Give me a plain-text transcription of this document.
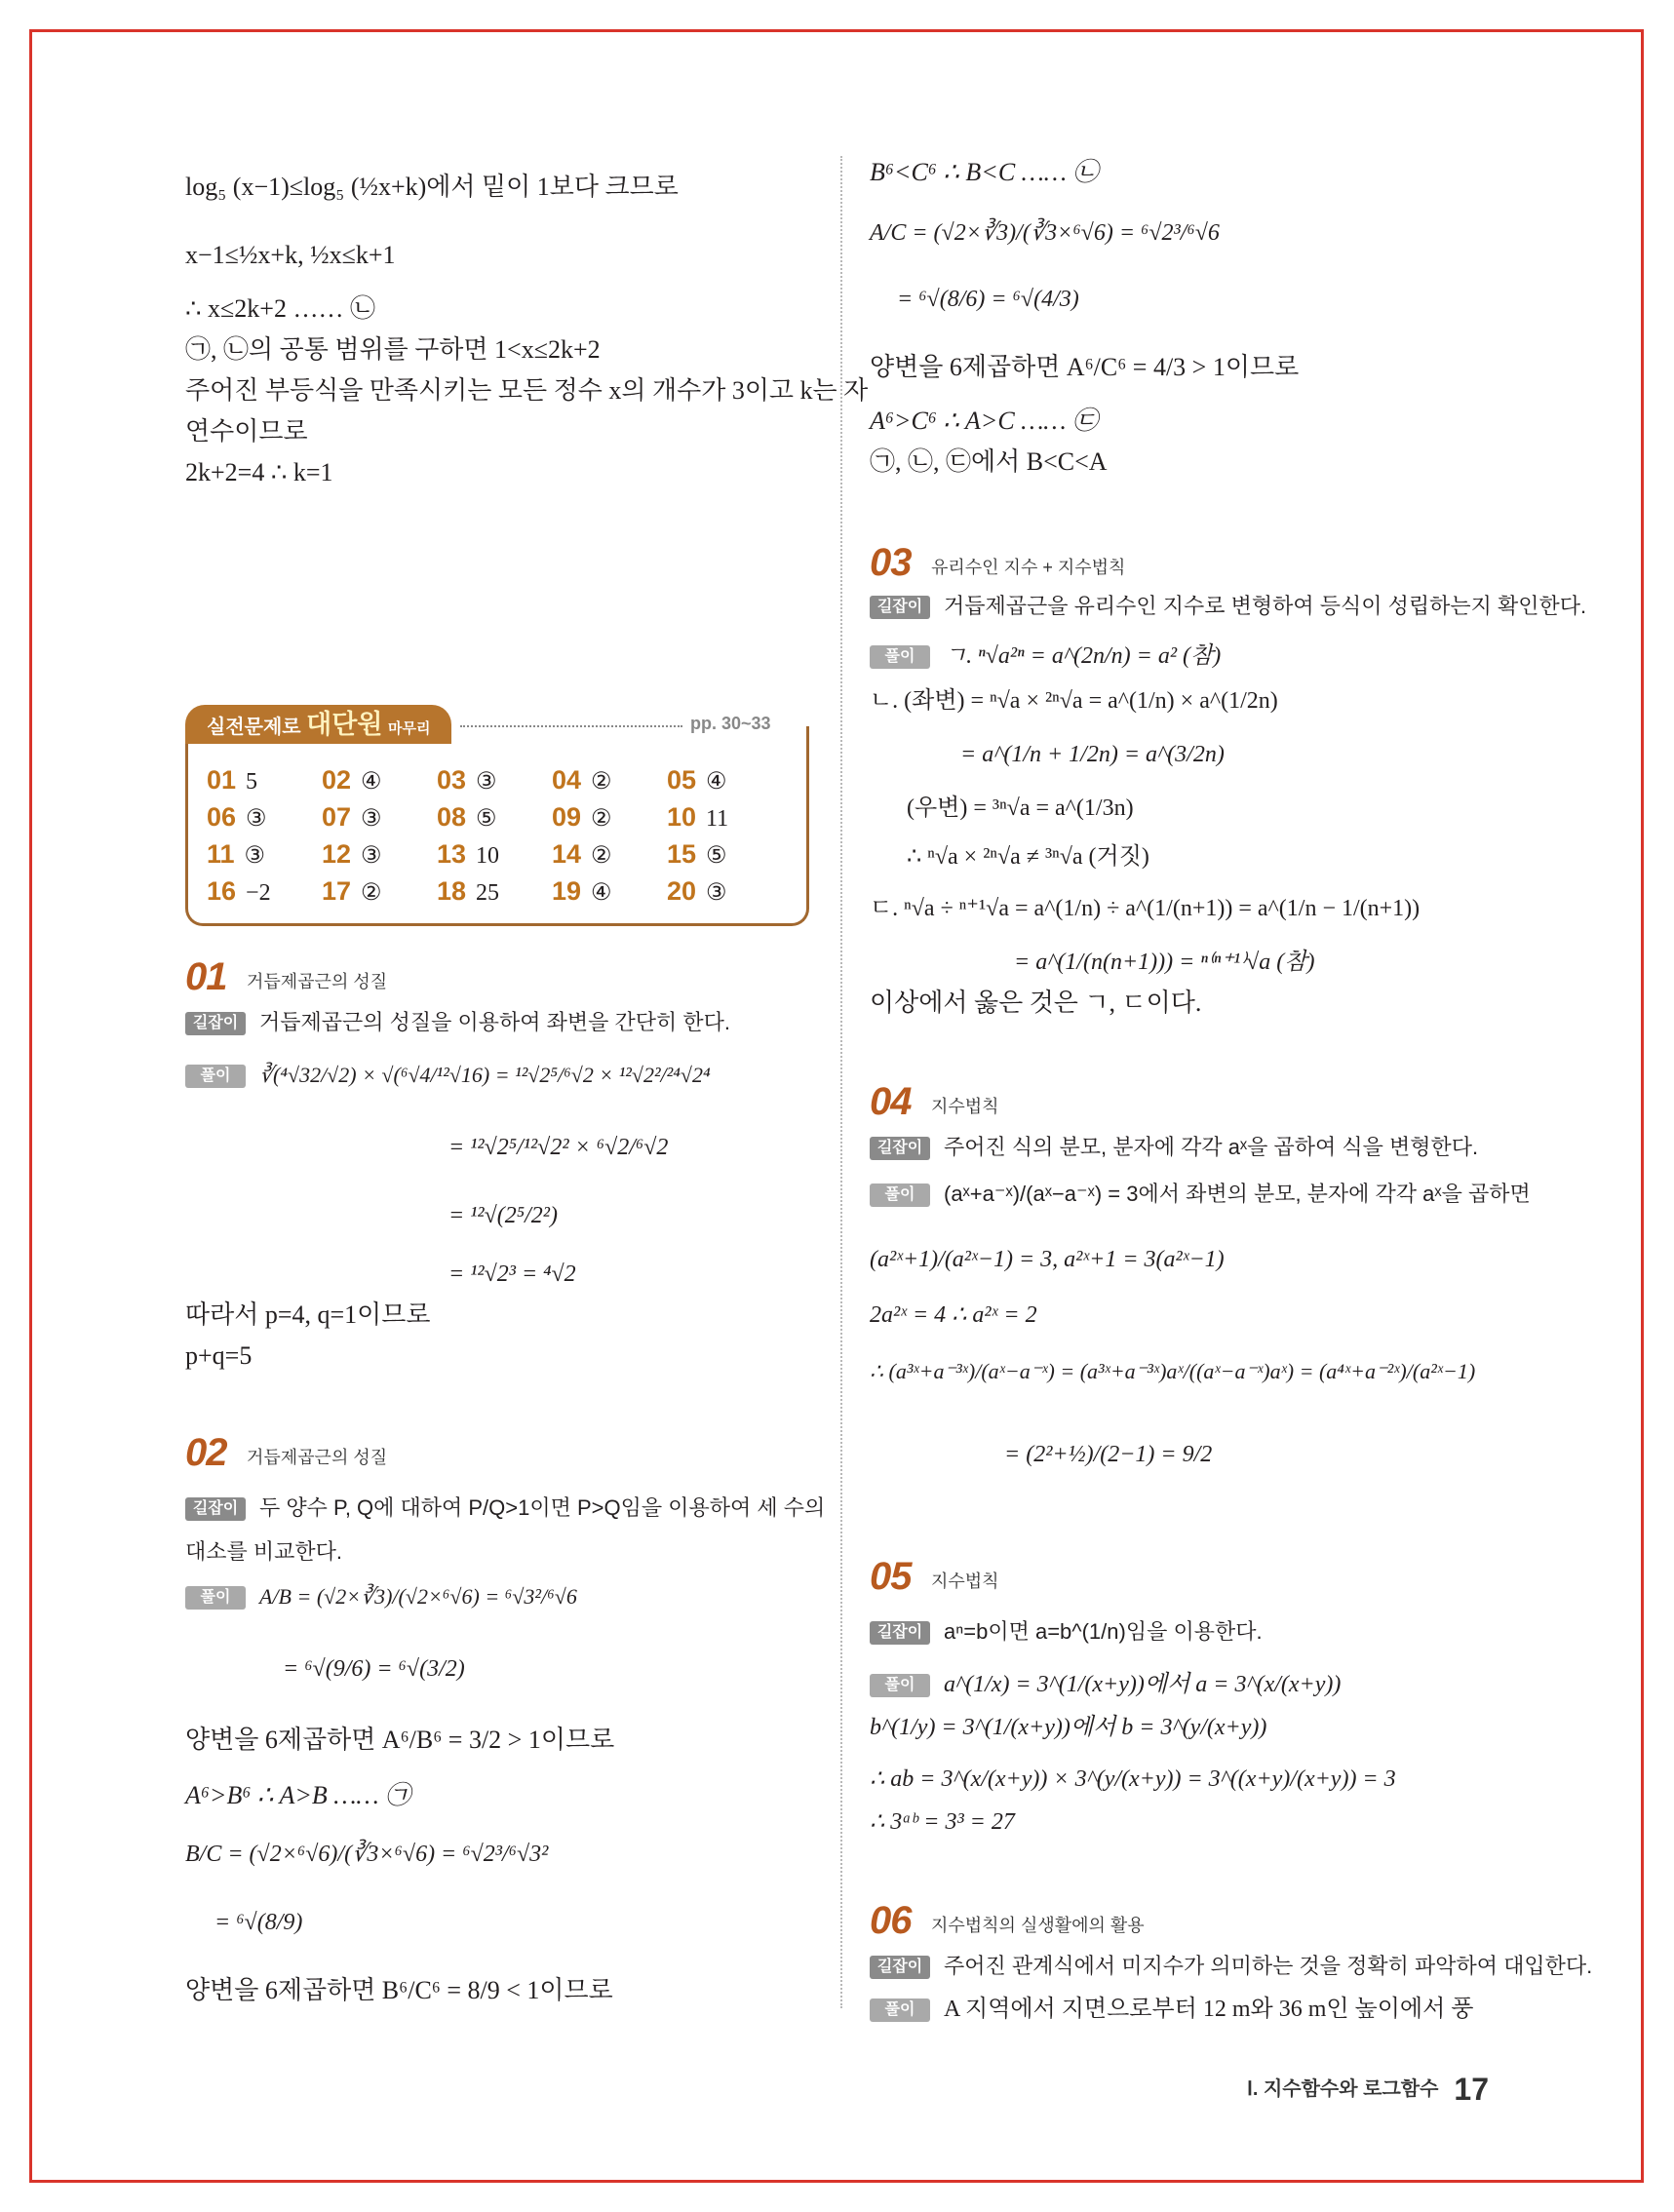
log₅ (x−1)≤log₅ (½x+k)에서 밑이 1보다 크므로
x−1≤½x+k, ½x≤k+1
∴ x≤2k+2 …… ㉡
㉠, ㉡의 공통 범위를 구하면 1<x≤2k+2
주어진 부등식을 만족시키는 모든 정수 x의 개수가 3이고 k는 자
연수이므로
2k+2=4 ∴ k=1
실전문제로 대단원 마무리	pp. 30~33
01 5 02 ④ 03 ③ 04 ② 05 ④
06 ③ 07 ③ 08 ⑤ 09 ② 10 11
11 ③ 12 ③ 13 10 14 ② 15 ⑤
16 −2 17 ② 18 25 19 ④ 20 ③
01 거듭제곱근의 성질
길잡이 거듭제곱근의 성질을 이용하여 좌변을 간단히 한다.
풀이 ∛(⁴√32/√2) × √(⁶√4/¹²√16) = ¹²√2⁵/⁶√2 × ¹²√2²/²⁴√2⁴
= ¹²√2⁵/¹²√2² × ⁶√2/⁶√2
= ¹²√(2⁵/2²)
= ¹²√2³ = ⁴√2
따라서 p=4, q=1이므로
p+q=5
02 거듭제곱근의 성질
길잡이 두 양수 P, Q에 대하여 P/Q>1이면 P>Q임을 이용하여 세 수의
대소를 비교한다.
풀이 A/B = (√2×∛3)/(√2×⁶√6) = ⁶√3²/⁶√6
= ⁶√(9/6) = ⁶√(3/2)
양변을 6제곱하면 A⁶/B⁶ = 3/2 > 1이므로
A⁶>B⁶ ∴ A>B …… ㉠
B/C = (√2×⁶√6)/(∛3×⁶√6) = ⁶√2³/⁶√3²
= ⁶√(8/9)
양변을 6제곱하면 B⁶/C⁶ = 8/9 < 1이므로
B⁶<C⁶ ∴ B<C …… ㉡
A/C = (√2×∛3)/(∛3×⁶√6) = ⁶√2³/⁶√6
= ⁶√(8/6) = ⁶√(4/3)
양변을 6제곱하면 A⁶/C⁶ = 4/3 > 1이므로
A⁶>C⁶ ∴ A>C …… ㉢
㉠, ㉡, ㉢에서 B<C<A
03 유리수인 지수 + 지수법칙
길잡이 거듭제곱근을 유리수인 지수로 변형하여 등식이 성립하는지 확인한다.
풀이 ㄱ. ⁿ√a²ⁿ = a^(2n/n) = a² (참)
ㄴ. (좌변) = ⁿ√a × ²ⁿ√a = a^(1/n) × a^(1/2n)
= a^(1/n + 1/2n) = a^(3/2n)
(우변) = ³ⁿ√a = a^(1/3n)
∴ ⁿ√a × ²ⁿ√a ≠ ³ⁿ√a (거짓)
ㄷ. ⁿ√a ÷ ⁿ⁺¹√a = a^(1/n) ÷ a^(1/(n+1)) = a^(1/n − 1/(n+1))
= a^(1/(n(n+1))) = ⁿ⁽ⁿ⁺¹⁾√a (참)
이상에서 옳은 것은 ㄱ, ㄷ이다.
04 지수법칙
길잡이 주어진 식의 분모, 분자에 각각 aˣ을 곱하여 식을 변형한다.
풀이 (aˣ+a⁻ˣ)/(aˣ−a⁻ˣ) = 3에서 좌변의 분모, 분자에 각각 aˣ을 곱하면
(a²ˣ+1)/(a²ˣ−1) = 3, a²ˣ+1 = 3(a²ˣ−1)
2a²ˣ = 4 ∴ a²ˣ = 2
∴ (a³ˣ+a⁻³ˣ)/(aˣ−a⁻ˣ) = (a³ˣ+a⁻³ˣ)aˣ/((aˣ−a⁻ˣ)aˣ) = (a⁴ˣ+a⁻²ˣ)/(a²ˣ−1)
= (2²+½)/(2−1) = 9/2
05 지수법칙
길잡이 aⁿ=b이면 a=b^(1/n)임을 이용한다.
풀이 a^(1/x) = 3^(1/(x+y))에서 a = 3^(x/(x+y))
b^(1/y) = 3^(1/(x+y))에서 b = 3^(y/(x+y))
∴ ab = 3^(x/(x+y)) × 3^(y/(x+y)) = 3^((x+y)/(x+y)) = 3
∴ 3ᵃᵇ = 3³ = 27
06 지수법칙의 실생활에의 활용
길잡이 주어진 관계식에서 미지수가 의미하는 것을 정확히 파악하여 대입한다.
풀이 A 지역에서 지면으로부터 12 m와 36 m인 높이에서 풍
Ⅰ. 지수함수와 로그함수 17
